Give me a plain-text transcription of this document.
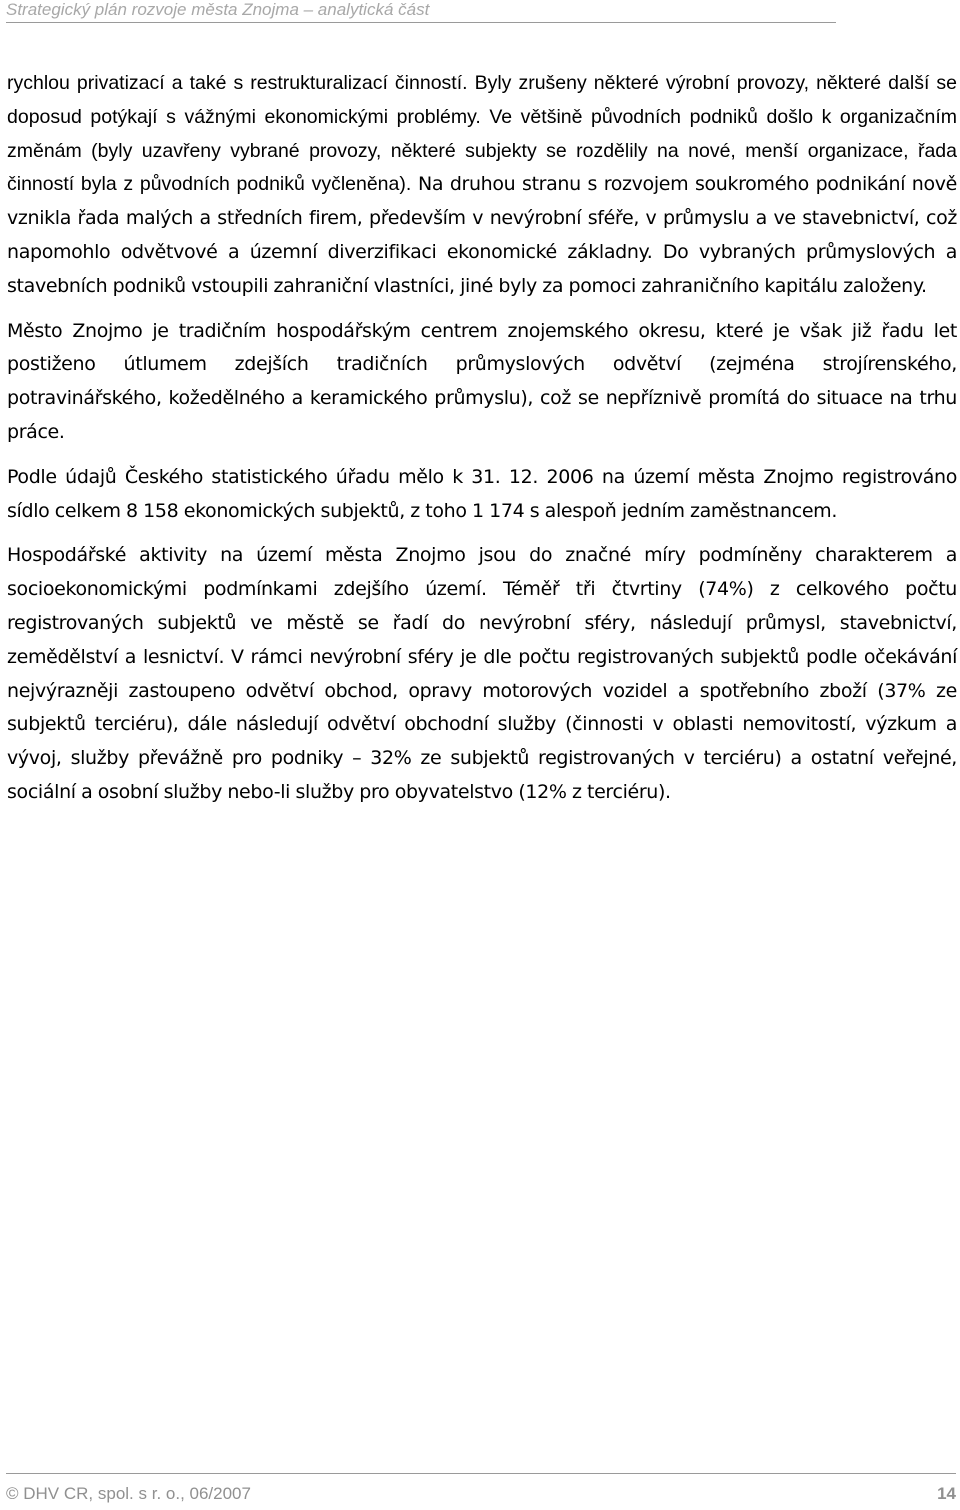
Strategický plán rozvoje města Znojma – analytická část

rychlou privatizací a také s restrukturalizací činností. Byly zrušeny některé výrobní provozy, některé další se doposud potýkají s vážnými ekonomickými problémy. Ve většině původních podniků došlo k organizačním změnám (byly uzavřeny vybrané provozy, některé subjekty se rozdělily na nové, menší organizace, řada činností byla z původních podniků vyčleněna). Na druhou stranu s rozvojem soukromého podnikání nově vznikla řada malých a středních firem, především v nevýrobní sféře, v průmyslu a ve stavebnictví, což napomohlo odvětvové a územní diverzifikaci ekonomické základny. Do vybraných průmyslových a stavebních podniků vstoupili zahraniční vlastníci, jiné byly za pomoci zahraničního kapitálu založeny.

Město Znojmo je tradičním hospodářským centrem znojemského okresu, které je však již řadu let postiženo útlumem zdejších tradičních průmyslových odvětví (zejména strojírenského, potravinářského, kožedělného a keramického průmyslu), což se nepříznivě promítá do situace na trhu práce.

Podle údajů Českého statistického úřadu mělo k 31. 12. 2006 na území města Znojmo registrováno sídlo celkem 8 158 ekonomických subjektů, z toho 1 174 s alespoň jedním zaměstnancem.

Hospodářské aktivity na území města Znojmo jsou do značné míry podmíněny charakterem a socioekonomickými podmínkami zdejšího území. Téměř tři čtvrtiny (74%) z celkového počtu registrovaných subjektů ve městě se řadí do nevýrobní sféry, následují průmysl, stavebnictví, zemědělství a lesnictví. V rámci nevýrobní sféry je dle počtu registrovaných subjektů podle očekávání nejvýrazněji zastoupeno odvětví obchod, opravy motorových vozidel a spotřebního zboží (37% ze subjektů terciéru), dále následují odvětví obchodní služby (činnosti v oblasti nemovitostí, výzkum a vývoj, služby převážně pro podniky – 32% ze subjektů registrovaných v terciéru) a ostatní veřejné, sociální a osobní služby nebo-li služby pro obyvatelstvo (12% z terciéru).

© DHV CR, spol. s r. o., 06/2007	14
